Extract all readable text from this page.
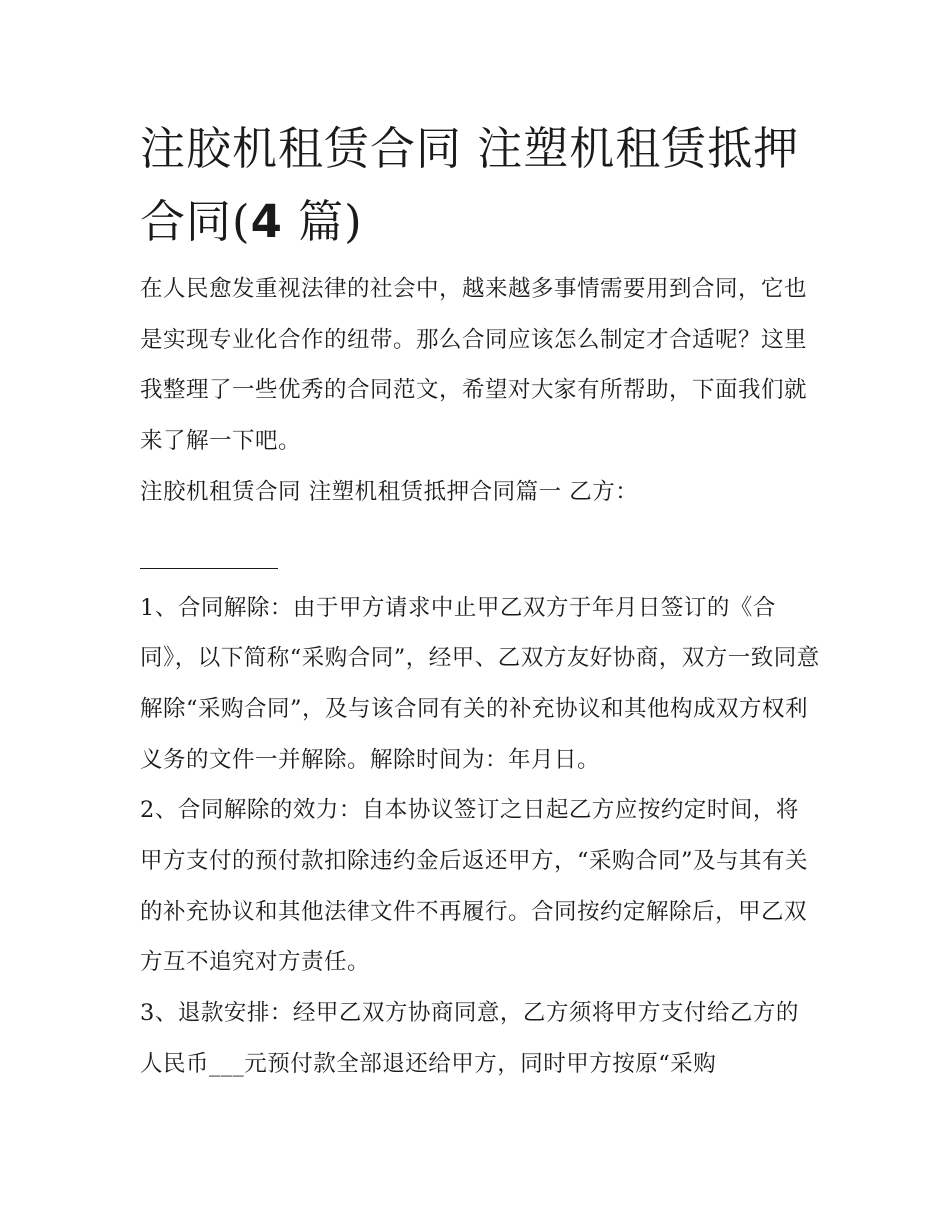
注胶机租赁合同 注塑机租赁抵押合同(4 篇)

在人民愈发重视法律的社会中，越来越多事情需要用到合同，它也是实现专业化合作的纽带。那么合同应该怎么制定才合适呢？这里我整理了一些优秀的合同范文，希望对大家有所帮助，下面我们就来了解一下吧。

注胶机租赁合同 注塑机租赁抵押合同篇一 乙方：

1、合同解除：由于甲方请求中止甲乙双方于年月日签订的《合同》，以下简称“采购合同”，经甲、乙双方友好协商，双方一致同意解除“采购合同”，及与该合同有关的补充协议和其他构成双方权利义务的文件一并解除。解除时间为：年月日。

2、合同解除的效力：自本协议签订之日起乙方应按约定时间，将甲方支付的预付款扣除违约金后返还甲方，“采购合同”及与其有关的补充协议和其他法律文件不再履行。合同按约定解除后，甲乙双方互不追究对方责任。

3、退款安排：经甲乙双方协商同意，乙方须将甲方支付给乙方的人民币___元预付款全部退还给甲方，同时甲方按原“采购
